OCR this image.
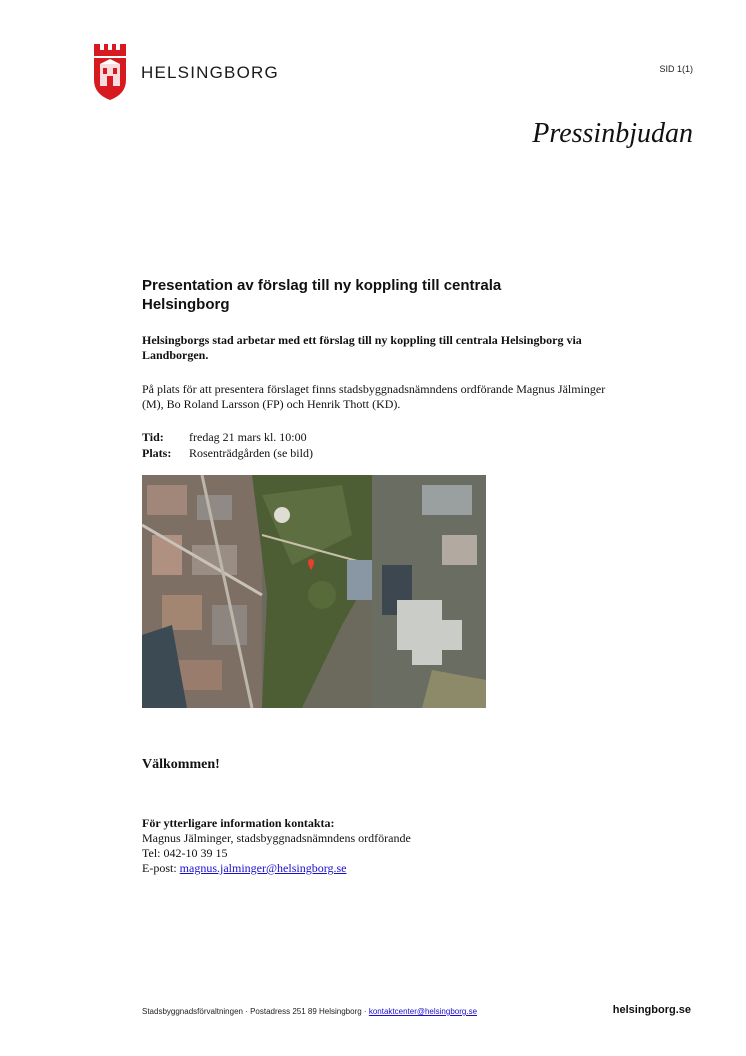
HELSINGBORG	SID 1(1)
Pressinbjudan
Presentation av förslag till ny koppling till centrala Helsingborg

Helsingborgs stad arbetar med ett förslag till ny koppling till centrala Helsingborg via Landborgen.

På plats för att presentera förslaget finns stadsbyggnadsnämndens ordförande Magnus Jälminger (M), Bo Roland Larsson (FP) och Henrik Thott (KD).

Tid: fredag 21 mars kl. 10:00
Plats: Rosenträdgården (se bild)
Välkommen!
För ytterligare information kontakta:
Magnus Jälminger, stadsbyggnadsnämndens ordförande
Tel: 042-10 39 15
E-post: magnus.jalminger@helsingborg.se
Stadsbyggnadsförvaltningen · Postadress 251 89 Helsingborg · kontaktcenter@helsingborg.se	helsingborg.se
